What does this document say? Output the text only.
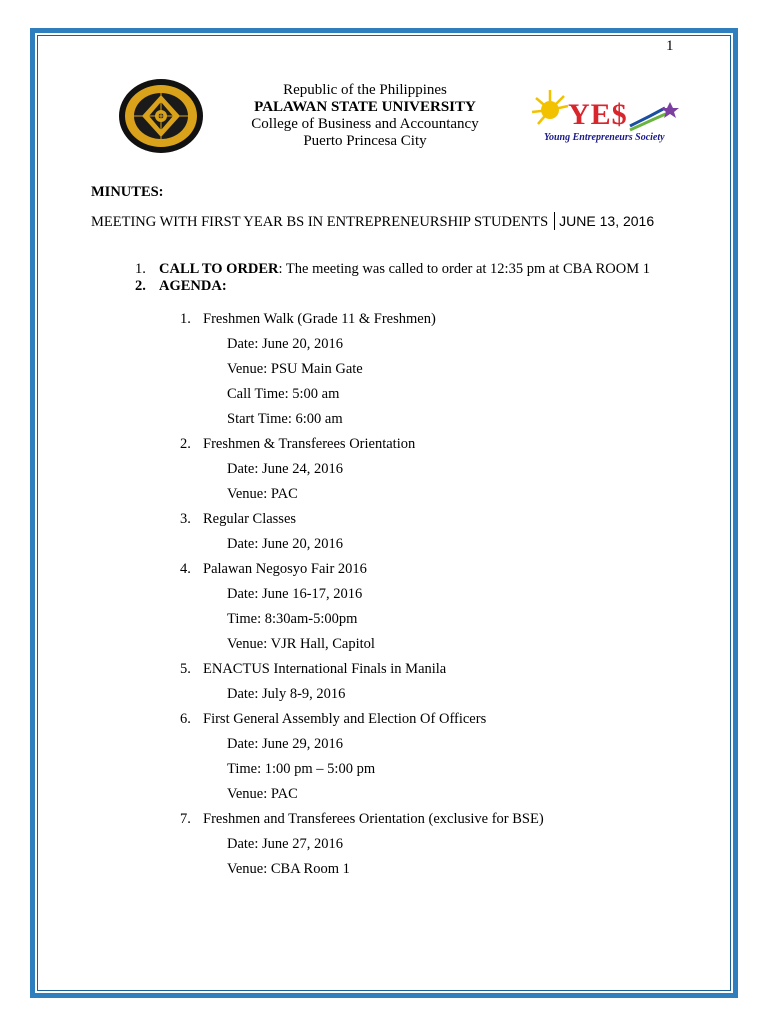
1
Republic of the Philippines
PALAWAN STATE UNIVERSITY
College of Business and Accountancy
Puerto Princesa City
YE$
Young Entrepreneurs Society
MINUTES:
MEETING WITH FIRST YEAR BS IN ENTREPRENEURSHIP STUDENTS JUNE 13, 2016
1. CALL TO ORDER: The meeting was called to order at 12:35 pm at CBA ROOM 1
2. AGENDA:
1. Freshmen Walk (Grade 11 & Freshmen)
Date: June 20, 2016
Venue: PSU Main Gate
Call Time: 5:00 am
Start Time: 6:00 am
2. Freshmen & Transferees Orientation
Date: June 24, 2016
Venue: PAC
3. Regular Classes
Date: June 20, 2016
4. Palawan Negosyo Fair 2016
Date: June 16-17, 2016
Time: 8:30am-5:00pm
Venue: VJR Hall, Capitol
5. ENACTUS International Finals in Manila
Date: July 8-9, 2016
6. First General Assembly and Election Of Officers
Date: June 29, 2016
Time: 1:00 pm – 5:00 pm
Venue: PAC
7. Freshmen and Transferees Orientation (exclusive for BSE)
Date: June 27, 2016
Venue: CBA Room 1
